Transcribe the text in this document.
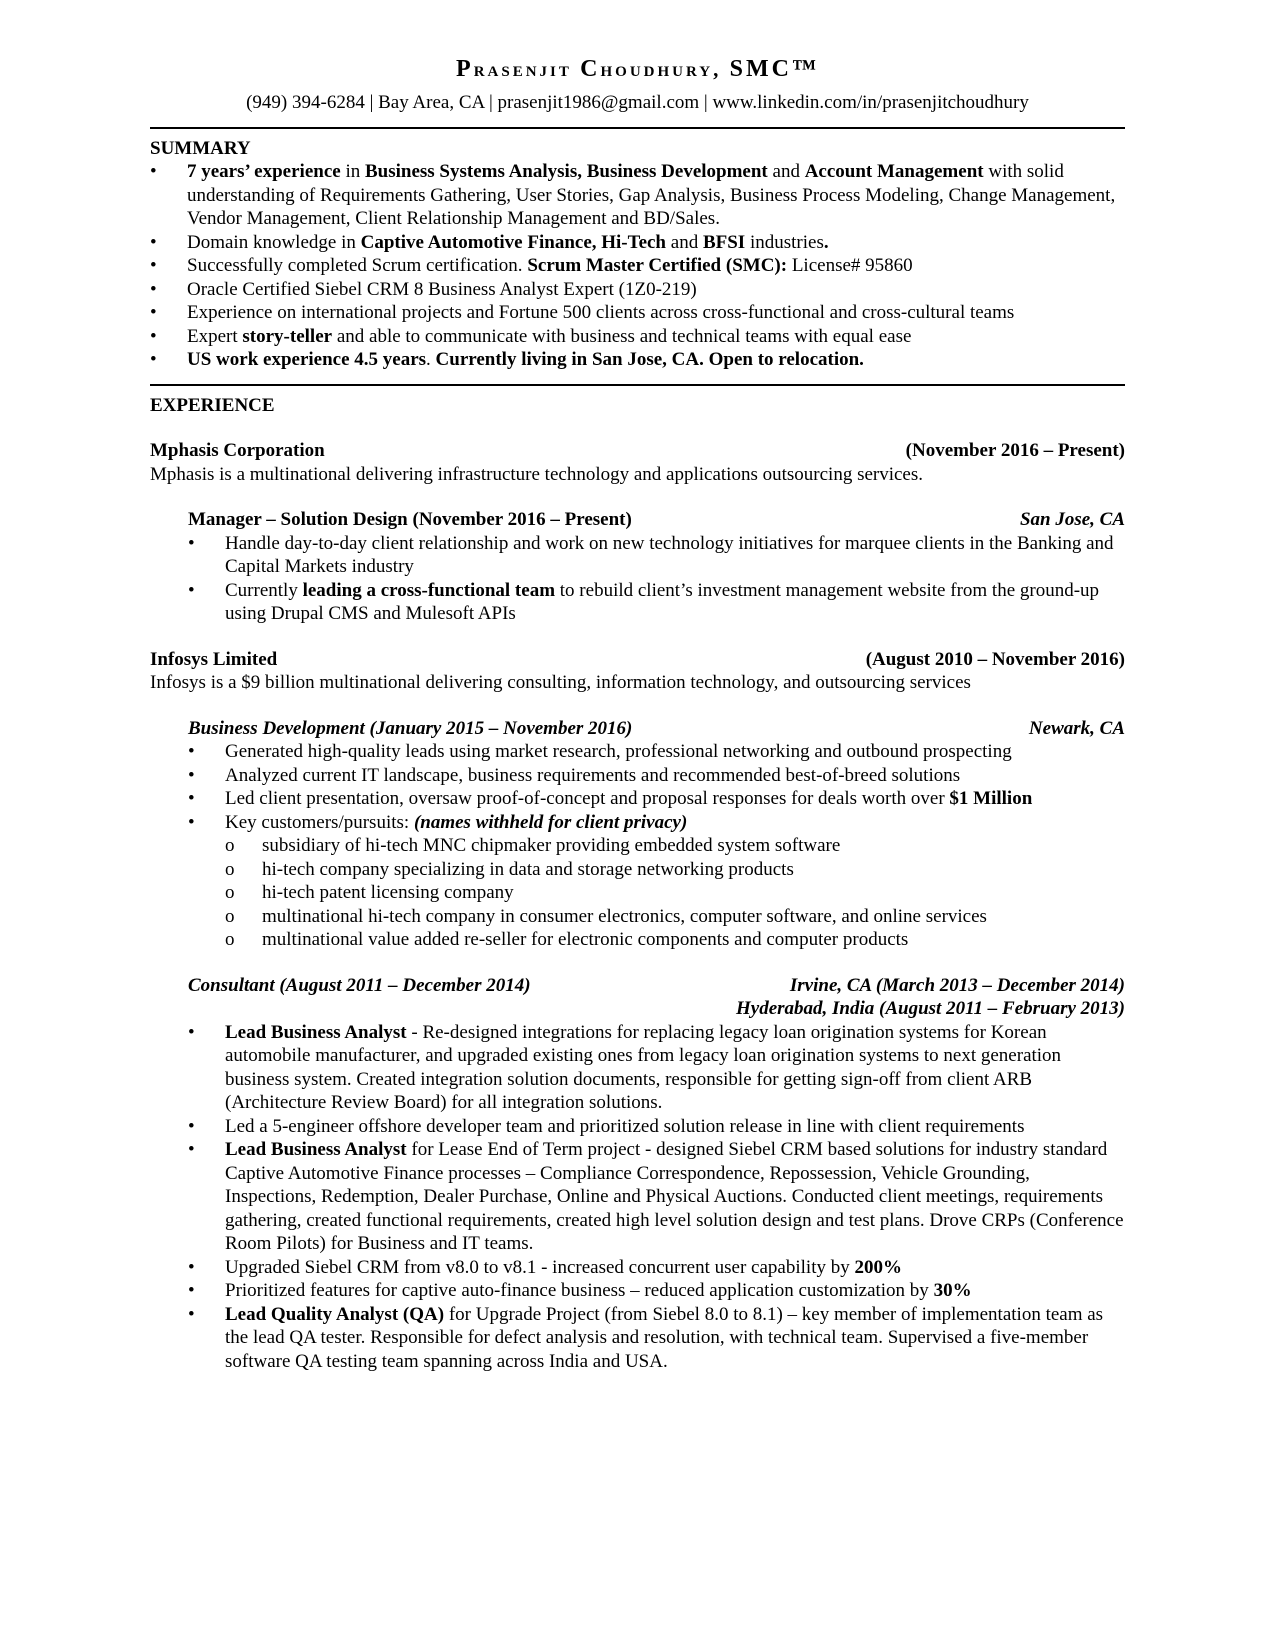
Prasenjit Choudhury, SMC™
(949) 394-6284 | Bay Area, CA | prasenjit1986@gmail.com | www.linkedin.com/in/prasenjitchoudhury
SUMMARY
• 7 years’ experience in Business Systems Analysis, Business Development and Account Management with solid understanding of Requirements Gathering, User Stories, Gap Analysis, Business Process Modeling, Change Management, Vendor Management, Client Relationship Management and BD/Sales.
• Domain knowledge in Captive Automotive Finance, Hi-Tech and BFSI industries.
• Successfully completed Scrum certification. Scrum Master Certified (SMC): License# 95860
• Oracle Certified Siebel CRM 8 Business Analyst Expert (1Z0-219)
• Experience on international projects and Fortune 500 clients across cross-functional and cross-cultural teams
• Expert story-teller and able to communicate with business and technical teams with equal ease
• US work experience 4.5 years. Currently living in San Jose, CA. Open to relocation.
EXPERIENCE
Mphasis Corporation	(November 2016 – Present)

Mphasis is a multinational delivering infrastructure technology and applications outsourcing services.

Manager – Solution Design (November 2016 – Present)	San Jose, CA
• Handle day-to-day client relationship and work on new technology initiatives for marquee clients in the Banking and Capital Markets industry
• Currently leading a cross-functional team to rebuild client’s investment management website from the ground-up using Drupal CMS and Mulesoft APIs
Infosys Limited	(August 2010 – November 2016)

Infosys is a $9 billion multinational delivering consulting, information technology, and outsourcing services

Business Development (January 2015 – November 2016)	Newark, CA
• Generated high-quality leads using market research, professional networking and outbound prospecting
• Analyzed current IT landscape, business requirements and recommended best-of-breed solutions
• Led client presentation, oversaw proof-of-concept and proposal responses for deals worth over $1 Million
• Key customers/pursuits: (names withheld for client privacy)
o subsidiary of hi-tech MNC chipmaker providing embedded system software
o hi-tech company specializing in data and storage networking products
o hi-tech patent licensing company
o multinational hi-tech company in consumer electronics, computer software, and online services
o multinational value added re-seller for electronic components and computer products
Consultant (August 2011 – December 2014)	Irvine, CA (March 2013 – December 2014)
Hyderabad, India (August 2011 – February 2013)
• Lead Business Analyst - Re-designed integrations for replacing legacy loan origination systems for Korean automobile manufacturer, and upgraded existing ones from legacy loan origination systems to next generation business system. Created integration solution documents, responsible for getting sign-off from client ARB (Architecture Review Board) for all integration solutions.
• Led a 5-engineer offshore developer team and prioritized solution release in line with client requirements
• Lead Business Analyst for Lease End of Term project - designed Siebel CRM based solutions for industry standard Captive Automotive Finance processes – Compliance Correspondence, Repossession, Vehicle Grounding, Inspections, Redemption, Dealer Purchase, Online and Physical Auctions. Conducted client meetings, requirements gathering, created functional requirements, created high level solution design and test plans. Drove CRPs (Conference Room Pilots) for Business and IT teams.
• Upgraded Siebel CRM from v8.0 to v8.1 - increased concurrent user capability by 200%
• Prioritized features for captive auto-finance business – reduced application customization by 30%
• Lead Quality Analyst (QA) for Upgrade Project (from Siebel 8.0 to 8.1) – key member of implementation team as the lead QA tester. Responsible for defect analysis and resolution, with technical team. Supervised a five-member software QA testing team spanning across India and USA.
